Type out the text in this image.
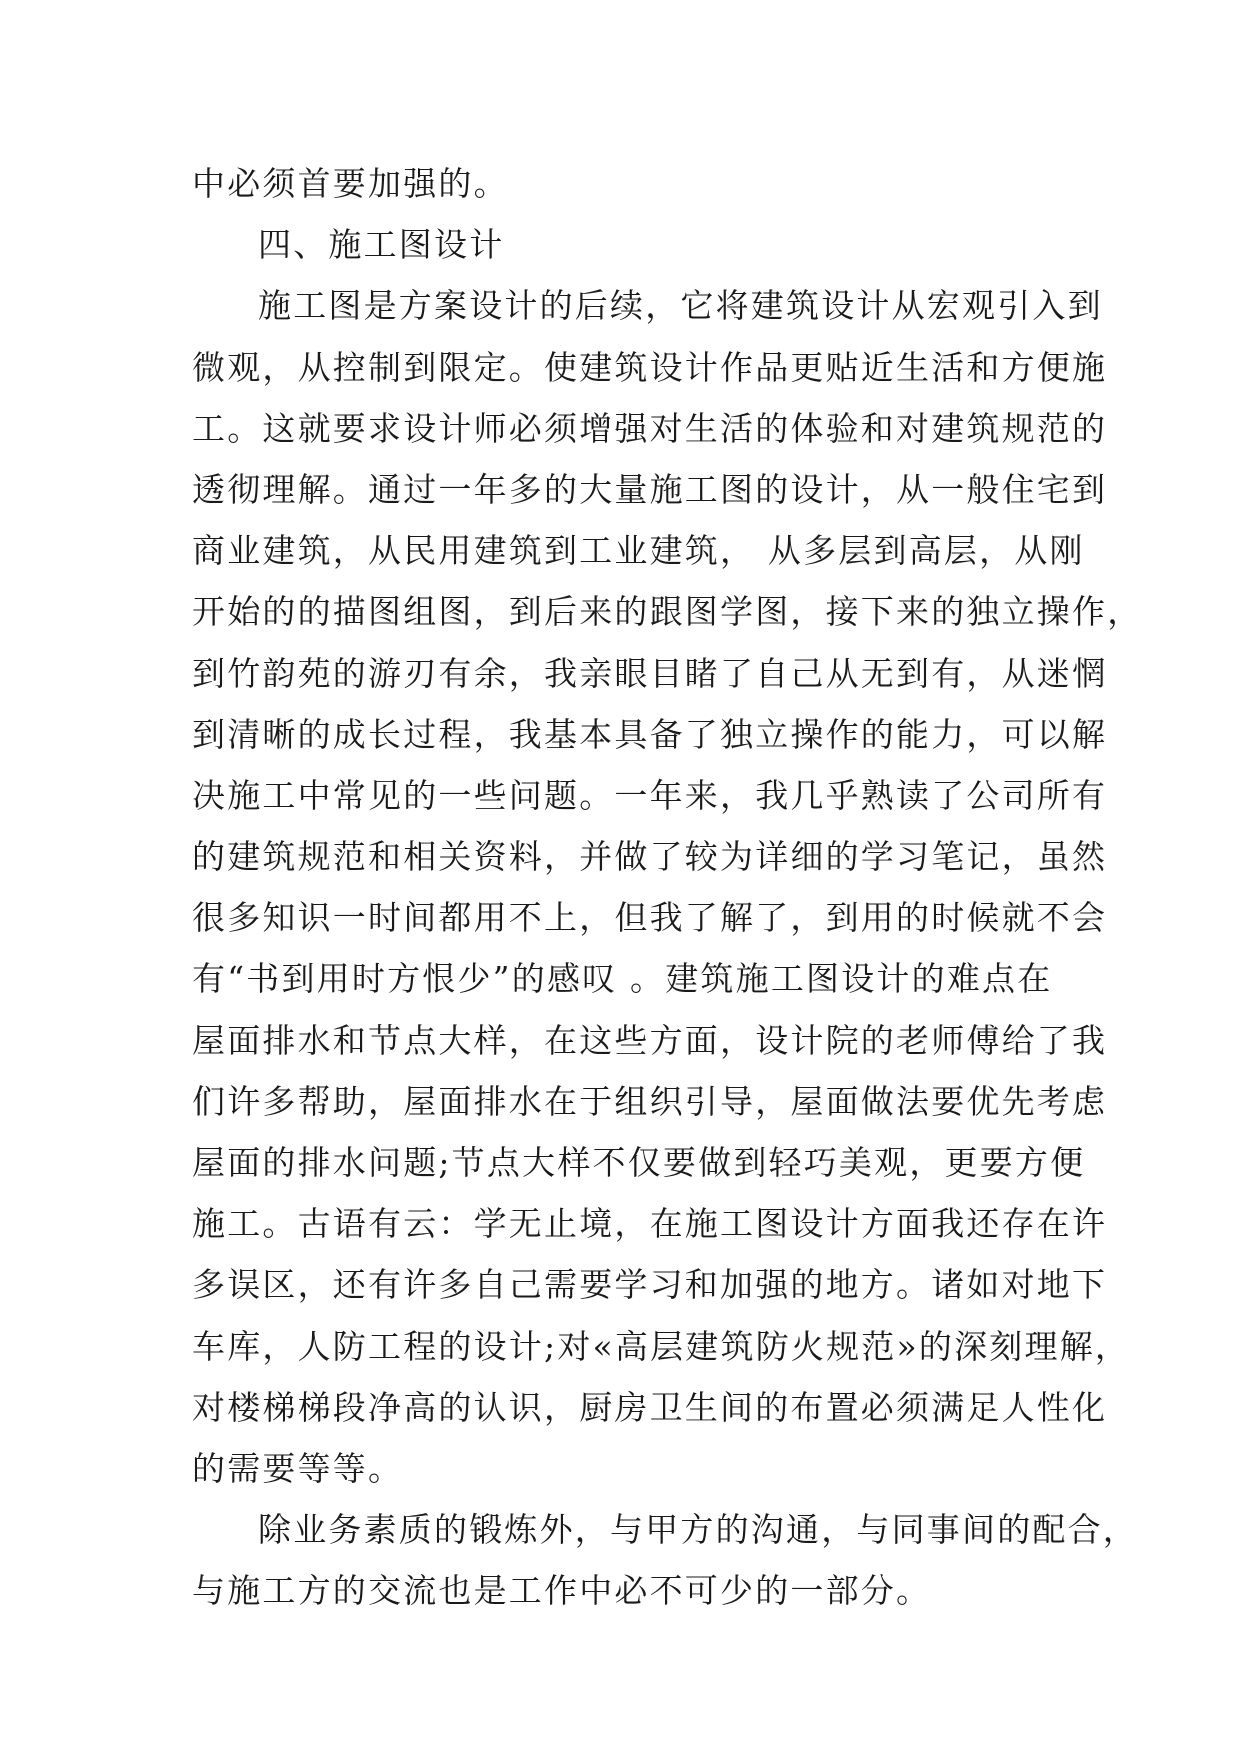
中必须首要加强的。
四、施工图设计
施工图是方案设计的后续，它将建筑设计从宏观引入到
微观，从控制到限定。使建筑设计作品更贴近生活和方便施
工。这就要求设计师必须增强对生活的体验和对建筑规范的
透彻理解。通过一年多的大量施工图的设计，从一般住宅到
商业建筑，从民用建筑到工业建筑， 从多层到高层，从刚
开始的的描图组图，到后来的跟图学图，接下来的独立操作，
到竹韵苑的游刃有余，我亲眼目睹了自己从无到有，从迷惘
到清晰的成长过程，我基本具备了独立操作的能力，可以解
决施工中常见的一些问题。一年来，我几乎熟读了公司所有
的建筑规范和相关资料，并做了较为详细的学习笔记，虽然
很多知识一时间都用不上，但我了解了，到用的时候就不会
有“书到用时方恨少”的感叹 。建筑施工图设计的难点在
屋面排水和节点大样，在这些方面，设计院的老师傅给了我
们许多帮助，屋面排水在于组织引导，屋面做法要优先考虑
屋面的排水问题;节点大样不仅要做到轻巧美观，更要方便
施工。古语有云：学无止境，在施工图设计方面我还存在许
多误区，还有许多自己需要学习和加强的地方。诸如对地下
车库，人防工程的设计;对«高层建筑防火规范»的深刻理解，
对楼梯梯段净高的认识，厨房卫生间的布置必须满足人性化
的需要等等。
除业务素质的锻炼外，与甲方的沟通，与同事间的配合，
与施工方的交流也是工作中必不可少的一部分。
